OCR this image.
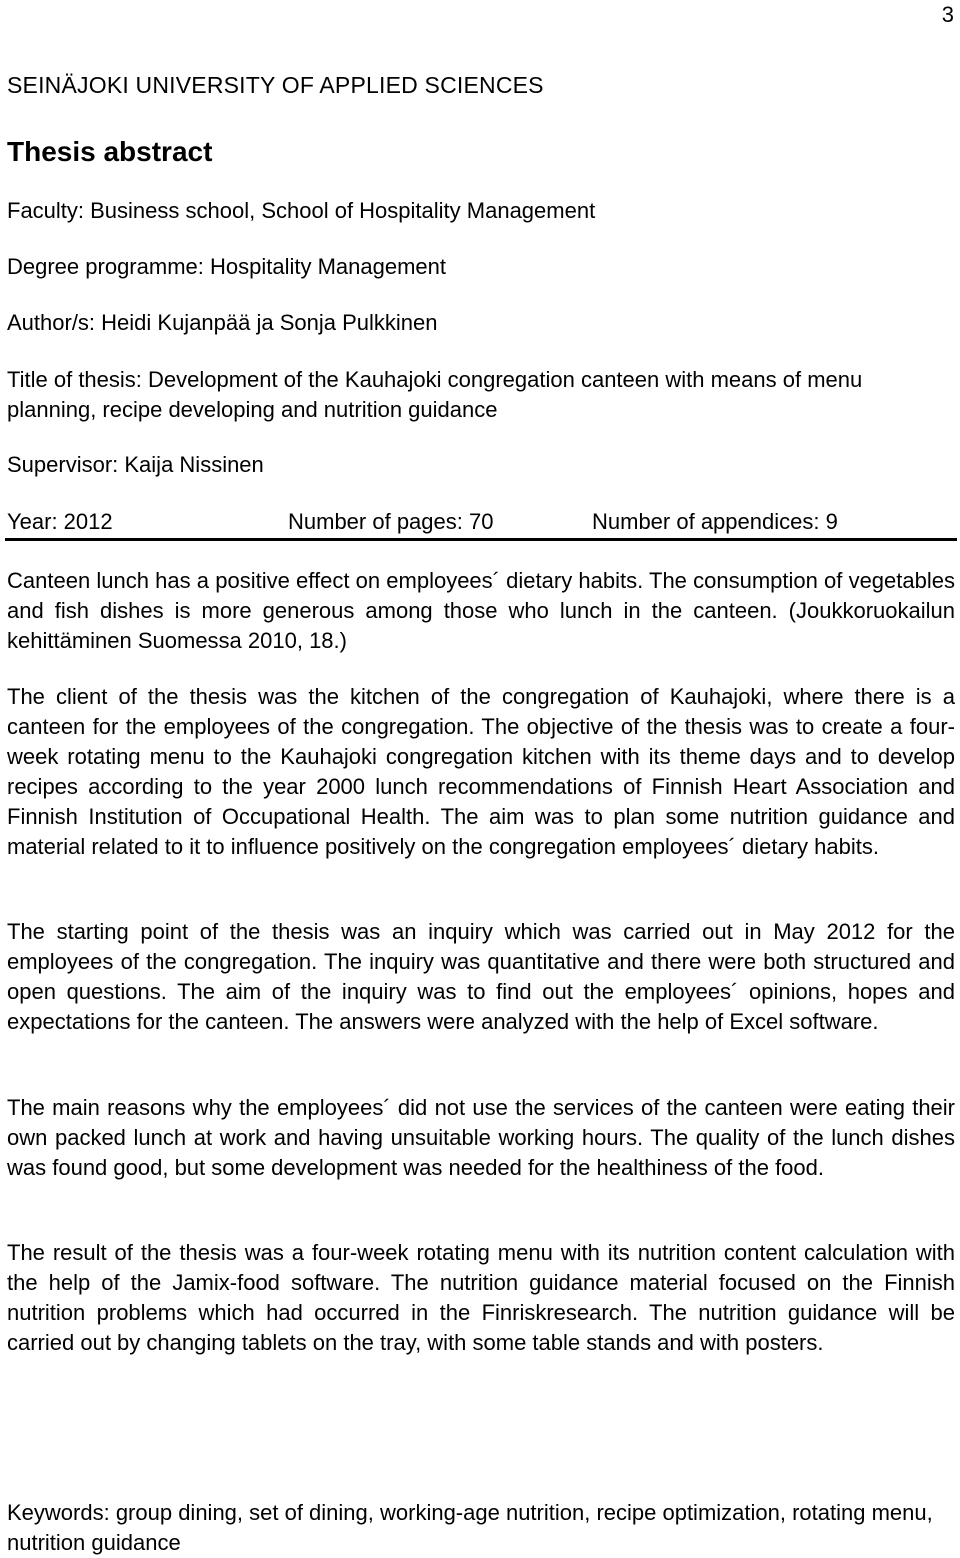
3
SEINÄJOKI UNIVERSITY OF APPLIED SCIENCES
Thesis abstract
Faculty: Business school, School of Hospitality Management
Degree programme: Hospitality Management
Author/s: Heidi Kujanpää ja Sonja Pulkkinen
Title of thesis: Development of the Kauhajoki congregation canteen with means of menu planning, recipe developing and nutrition guidance
Supervisor: Kaija Nissinen
Year: 2012	Number of pages: 70	Number of appendices: 9

Canteen lunch has a positive effect on employees´ dietary habits. The consumption of vegetables and fish dishes is more generous among those who lunch in the canteen. (Joukkoruokailun kehittäminen Suomessa 2010, 18.)

The client of the thesis was the kitchen of the congregation of Kauhajoki, where there is a canteen for the employees of the congregation. The objective of the thesis was to create a four-week rotating menu to the Kauhajoki congregation kitchen with its theme days and to develop recipes according to the year 2000 lunch recommendations of Finnish Heart Association and Finnish Institution of Occupational Health. The aim was to plan some nutrition guidance and material related to it to influence positively on the congregation employees´ dietary habits.

The starting point of the thesis was an inquiry which was carried out in May 2012 for the employees of the congregation. The inquiry was quantitative and there were both structured and open questions. The aim of the inquiry was to find out the employees´ opinions, hopes and expectations for the canteen. The answers were analyzed with the help of Excel software.

The main reasons why the employees´ did not use the services of the canteen were eating their own packed lunch at work and having unsuitable working hours. The quality of the lunch dishes was found good, but some development was needed for the healthiness of the food.

The result of the thesis was a four-week rotating menu with its nutrition content calculation with the help of the Jamix-food software. The nutrition guidance material focused on the Finnish nutrition problems which had occurred in the Finriskresearch. The nutrition guidance will be carried out by changing tablets on the tray, with some table stands and with posters.

Keywords: group dining, set of dining, working-age nutrition, recipe optimization, rotating menu, nutrition guidance
